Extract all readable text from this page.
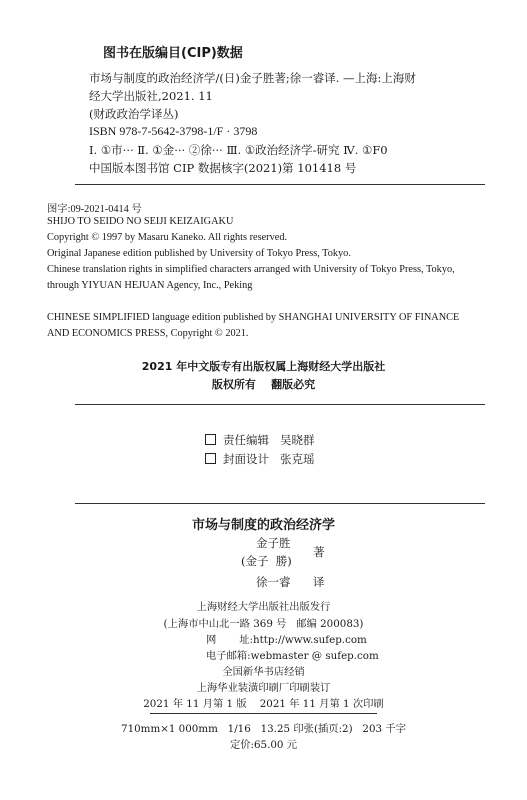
图书在版编目(CIP)数据
市场与制度的政治经济学/(日)金子胜著;徐一睿译. —上海:上海财
经大学出版社,2021. 11
(财政政治学译丛)
ISBN 978-7-5642-3798-1/F · 3798
Ⅰ. ①市··· Ⅱ. ①金··· ②徐··· Ⅲ. ①政治经济学-研究 Ⅳ. ①F0
中国版本图书馆 CIP 数据核字(2021)第 101418 号
图字:09-2021-0414 号
SHIJO TO SEIDO NO SEIJI KEIZAIGAKU
Copyright © 1997 by Masaru Kaneko. All rights reserved.
Original Japanese edition published by University of Tokyo Press, Tokyo.
Chinese translation rights in simplified characters arranged with University of Tokyo Press, Tokyo,
through YIYUAN HEJUAN Agency, Inc., Peking
CHINESE SIMPLIFIED language edition published by SHANGHAI UNIVERSITY OF FINANCE
AND ECONOMICS PRESS, Copyright © 2021.
2021 年中文版专有出版权属上海财经大学出版社
版权所有    翻版必究
责任编辑 吴晓群
封面设计 张克瑶
市场与制度的政治经济学
金子胜
(金子  勝)
著
徐一睿 译
上海财经大学出版社出版发行
(上海市中山北一路 369 号   邮编 200083)
网       址:http://www.sufep.com
电子邮箱:webmaster @ sufep.com
全国新华书店经销
上海华业装潢印刷厂印刷装订
2021 年 11 月第 1 版    2021 年 11 月第 1 次印刷
710mm×1 000mm   1/16   13.25 印张(插页:2)   203 千字
定价:65.00 元
